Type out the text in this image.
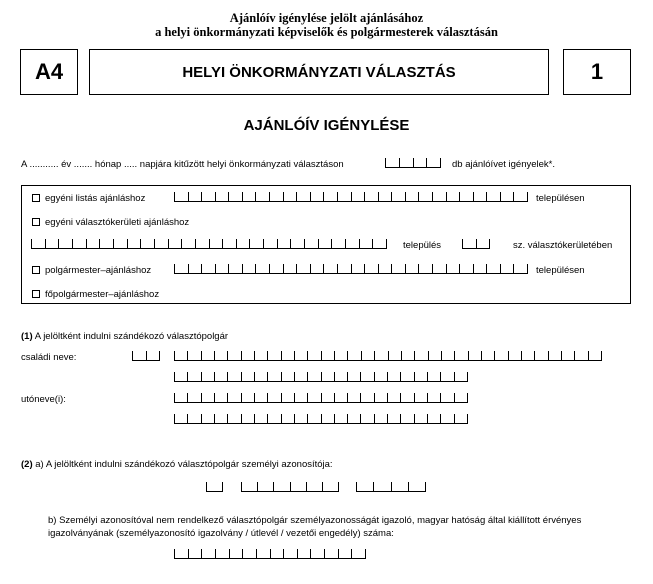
Ajánlóív igénylése jelölt ajánlásához
a helyi önkormányzati képviselők és polgármesterek választásán
A4	HELYI ÖNKORMÁNYZATI VÁLASZTÁS	1
AJÁNLÓÍV IGÉNYLÉSE
A ........... év ....... hónap ..... napjára kitűzött helyi önkormányzati választáson	db ajánlóívet igényelek*.
egyéni listás ajánláshoz	településen
egyéni választókerületi ajánláshoz
település	sz. választókerületében
polgármester–ajánláshoz	településen
főpolgármester–ajánláshoz
(1) A jelöltként indulni szándékozó választópolgár
családi neve:
utóneve(i):
(2) a) A jelöltként indulni szándékozó választópolgár személyi azonosítója:
b) Személyi azonosítóval nem rendelkező választópolgár személyazonosságát igazoló, magyar hatóság által kiállított érvényes
igazolványának (személyazonosító igazolvány / útlevél / vezetői engedély) száma:
